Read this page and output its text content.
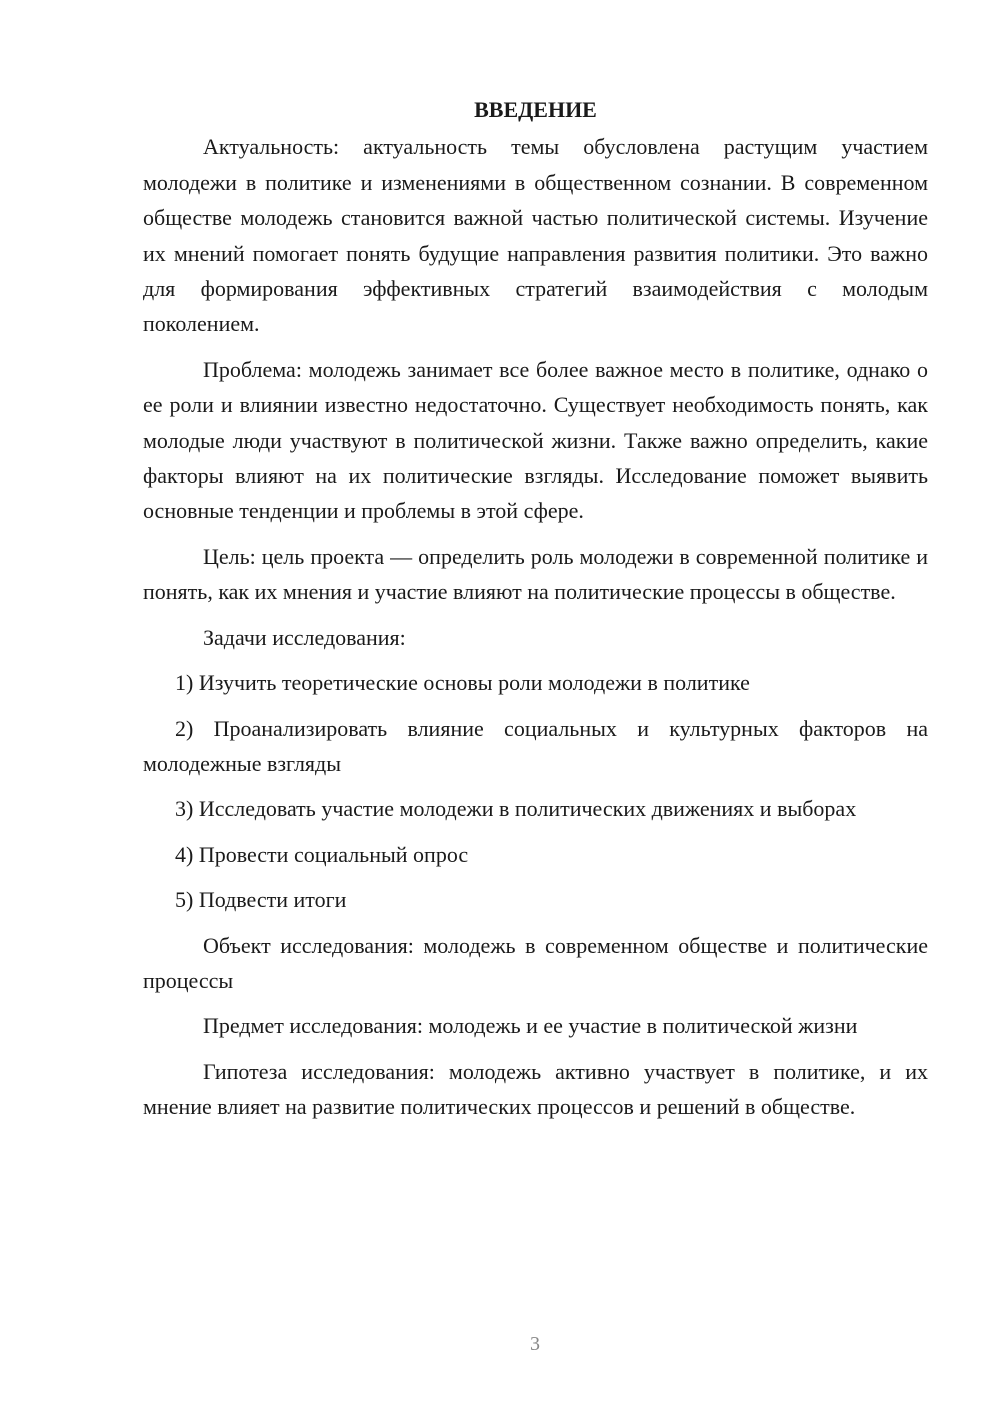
ВВЕДЕНИЕ

Актуальность: актуальность темы обусловлена растущим участием молодежи в политике и изменениями в общественном сознании. В современном обществе молодежь становится важной частью политической системы. Изучение их мнений помогает понять будущие направления развития политики. Это важно для формирования эффективных стратегий взаимодействия с молодым поколением.

Проблема: молодежь занимает все более важное место в политике, однако о ее роли и влиянии известно недостаточно. Существует необходимость понять, как молодые люди участвуют в политической жизни. Также важно определить, какие факторы влияют на их политические взгляды. Исследование поможет выявить основные тенденции и проблемы в этой сфере.

Цель: цель проекта — определить роль молодежи в современной политике и понять, как их мнения и участие влияют на политические процессы в обществе.

Задачи исследования:

1) Изучить теоретические основы роли молодежи в политике

2) Проанализировать влияние социальных и культурных факторов на молодежные взгляды

3) Исследовать участие молодежи в политических движениях и выборах

4) Провести социальный опрос

5) Подвести итоги

Объект исследования: молодежь в современном обществе и политические процессы

Предмет исследования: молодежь и ее участие в политической жизни

Гипотеза исследования: молодежь активно участвует в политике, и их мнение влияет на развитие политических процессов и решений в обществе.

3
